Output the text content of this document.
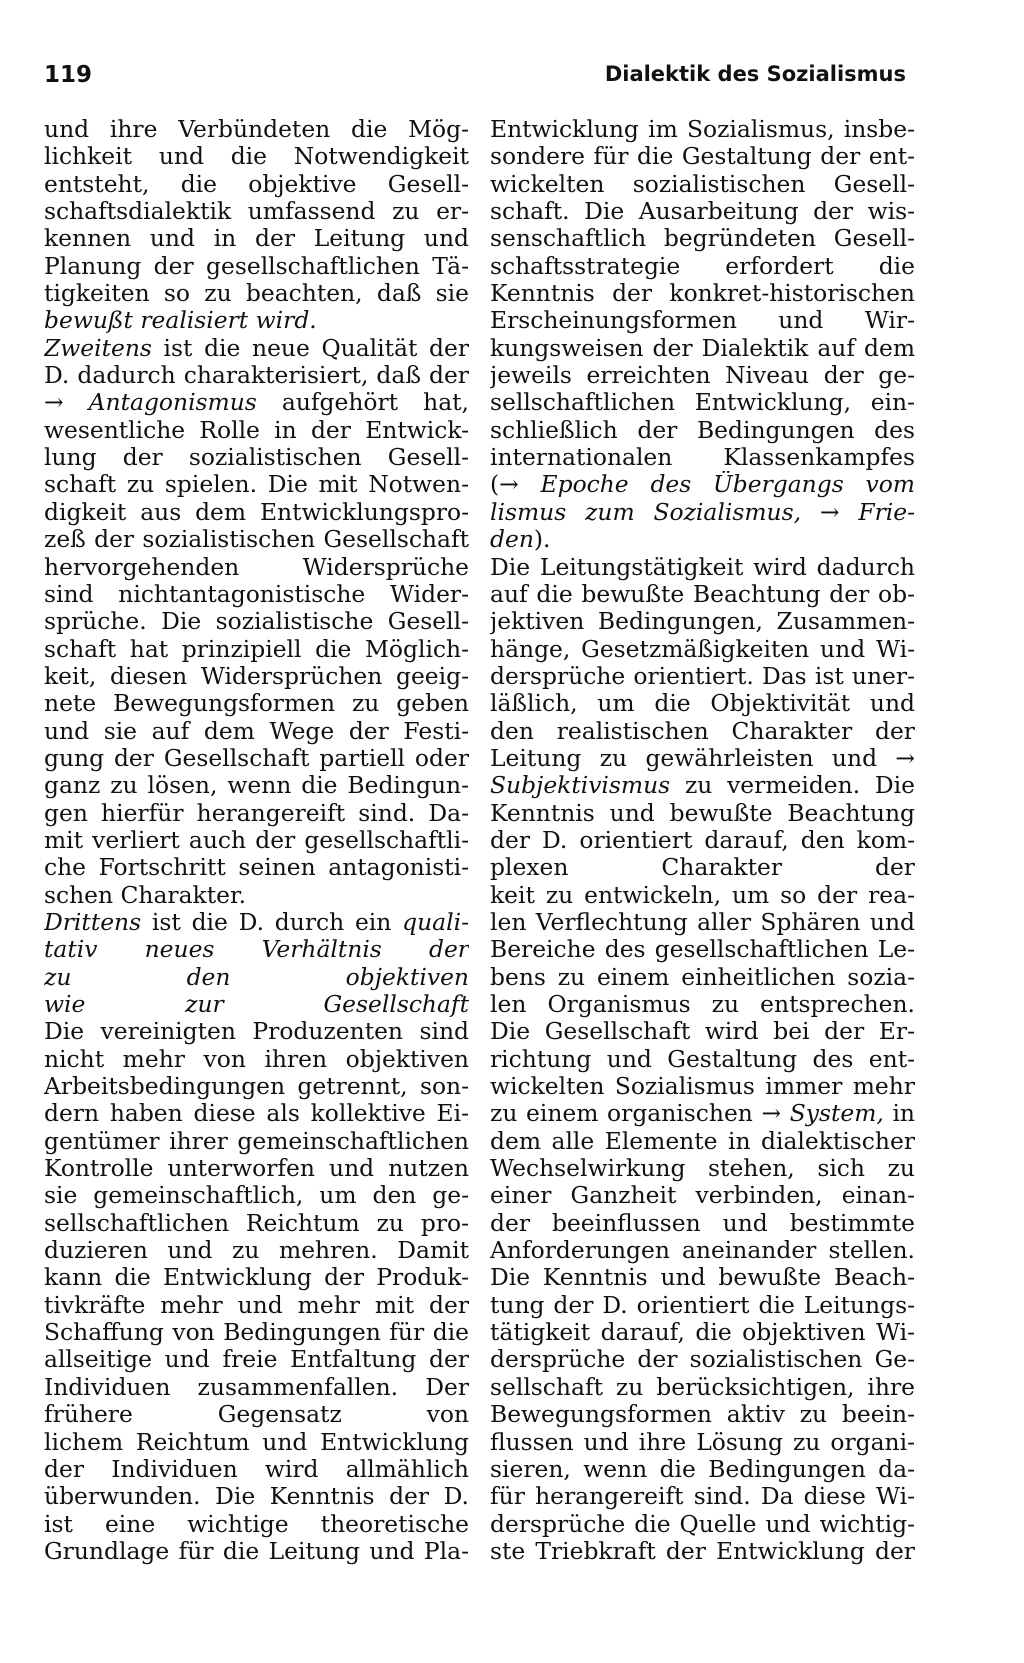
119	Dialektik des Sozialismus
und ihre Verbündeten die Mög-
lichkeit und die Notwendigkeit
entsteht, die objektive Gesell-
schaftsdialektik umfassend zu er-
kennen und in der Leitung und
Planung der gesellschaftlichen Tä-
tigkeiten so zu beachten, daß sie
bewußt realisiert wird.
Zweitens ist die neue Qualität der
D. dadurch charakterisiert, daß der
→ Antagonismus aufgehört hat,
wesentliche Rolle in der Entwick-
lung der sozialistischen Gesell-
schaft zu spielen. Die mit Notwen-
digkeit aus dem Entwicklungspro-
zeß der sozialistischen Gesellschaft
hervorgehenden Widersprüche
sind nichtantagonistische Wider-
sprüche. Die sozialistische Gesell-
schaft hat prinzipiell die Möglich-
keit, diesen Widersprüchen geeig-
nete Bewegungsformen zu geben
und sie auf dem Wege der Festi-
gung der Gesellschaft partiell oder
ganz zu lösen, wenn die Bedingun-
gen hierfür herangereift sind. Da-
mit verliert auch der gesellschaftli-
che Fortschritt seinen antagonisti-
schen Charakter.
Drittens ist die D. durch ein quali-
tativ neues Verhältnis der
zu den objektiven
wie zur Gesellschaft
Die vereinigten Produzenten sind
nicht mehr von ihren objektiven
Arbeitsbedingungen getrennt, son-
dern haben diese als kollektive Ei-
gentümer ihrer gemeinschaftlichen
Kontrolle unterworfen und nutzen
sie gemeinschaftlich, um den ge-
sellschaftlichen Reichtum zu pro-
duzieren und zu mehren. Damit
kann die Entwicklung der Produk-
tivkräfte mehr und mehr mit der
Schaffung von Bedingungen für die
allseitige und freie Entfaltung der
Individuen zusammenfallen. Der
frühere Gegensatz von
lichem Reichtum und Entwicklung
der Individuen wird allmählich
überwunden. Die Kenntnis der D.
ist eine wichtige theoretische
Grundlage für die Leitung und Pla-
Entwicklung im Sozialismus, insbe-
sondere für die Gestaltung der ent-
wickelten sozialistischen Gesell-
schaft. Die Ausarbeitung der wis-
senschaftlich begründeten Gesell-
schaftsstrategie erfordert die
Kenntnis der konkret-historischen
Erscheinungsformen und Wir-
kungsweisen der Dialektik auf dem
jeweils erreichten Niveau der ge-
sellschaftlichen Entwicklung, ein-
schließlich der Bedingungen des
internationalen Klassenkampfes
(→ Epoche des Übergangs vom
lismus zum Sozialismus, → Frie-
den).
Die Leitungstätigkeit wird dadurch
auf die bewußte Beachtung der ob-
jektiven Bedingungen, Zusammen-
hänge, Gesetzmäßigkeiten und Wi-
dersprüche orientiert. Das ist uner-
läßlich, um die Objektivität und
den realistischen Charakter der
Leitung zu gewährleisten und →
Subjektivismus zu vermeiden. Die
Kenntnis und bewußte Beachtung
der D. orientiert darauf, den kom-
plexen Charakter der
keit zu entwickeln, um so der rea-
len Verflechtung aller Sphären und
Bereiche des gesellschaftlichen Le-
bens zu einem einheitlichen sozia-
len Organismus zu entsprechen.
Die Gesellschaft wird bei der Er-
richtung und Gestaltung des ent-
wickelten Sozialismus immer mehr
zu einem organischen → System, in
dem alle Elemente in dialektischer
Wechselwirkung stehen, sich zu
einer Ganzheit verbinden, einan-
der beeinflussen und bestimmte
Anforderungen aneinander stellen.
Die Kenntnis und bewußte Beach-
tung der D. orientiert die Leitungs-
tätigkeit darauf, die objektiven Wi-
dersprüche der sozialistischen Ge-
sellschaft zu berücksichtigen, ihre
Bewegungsformen aktiv zu beein-
flussen und ihre Lösung zu organi-
sieren, wenn die Bedingungen da-
für herangereift sind. Da diese Wi-
dersprüche die Quelle und wichtig-
ste Triebkraft der Entwicklung der
